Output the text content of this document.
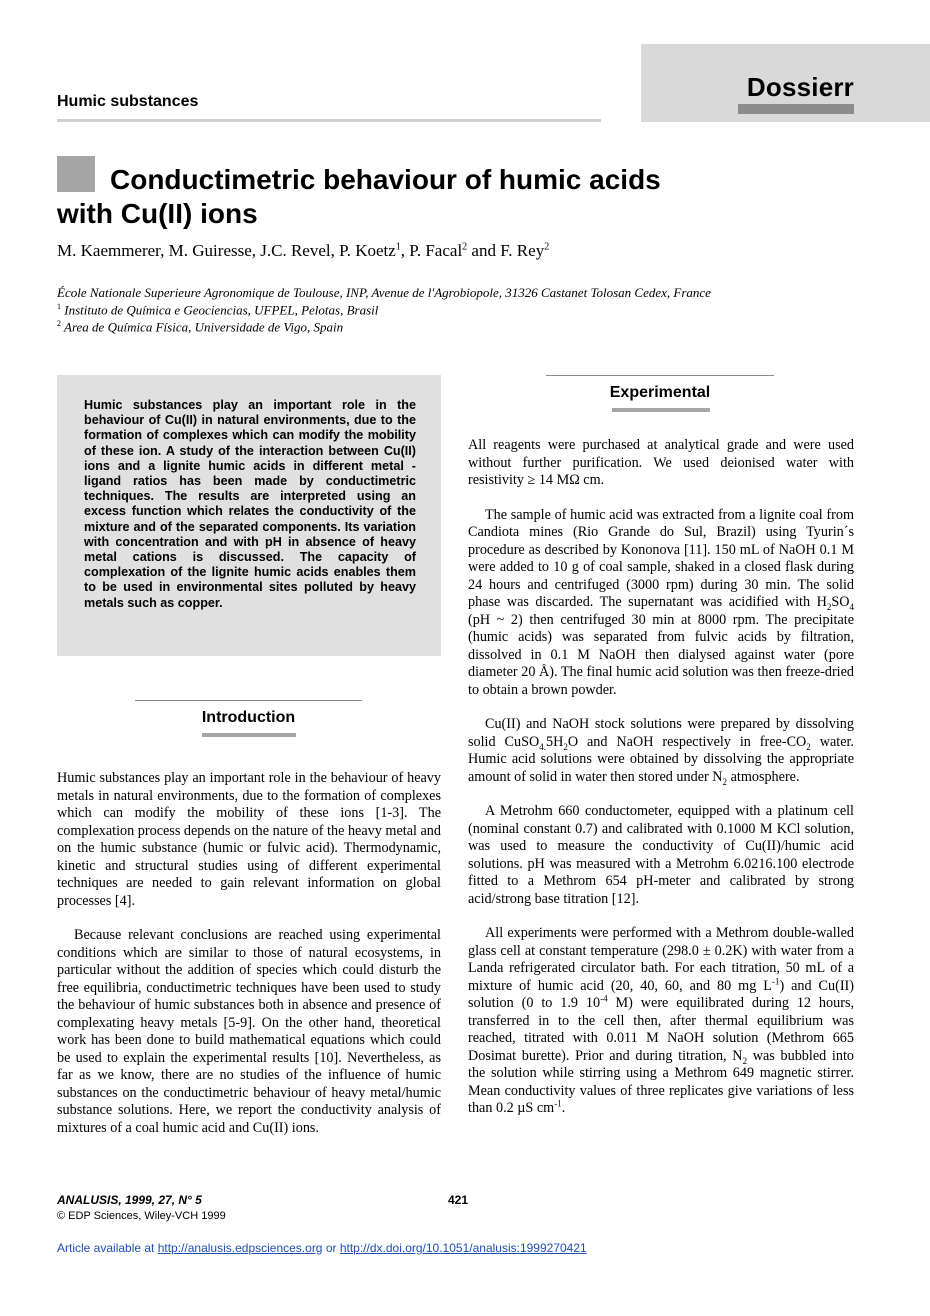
Dossierr
Humic substances
Conductimetric behaviour of humic acids
with Cu(II) ions
M. Kaemmerer, M. Guiresse, J.C. Revel, P. Koetz$^1$, P. Facal$^2$ and F. Rey$^2$
École Nationale Superieure Agronomique de Toulouse, INP, Avenue de l'Agrobiopole, 31326 Castanet Tolosan Cedex, France
$^1$ Instituto de Química e Geociencias, UFPEL, Pelotas, Brasil
$^2$ Area de Química Física, Universidade de Vigo, Spain
Humic substances play an important role in the behaviour of Cu(II) in natural environments, due to the formation of complexes which can modify the mobility of these ion. A study of the interaction between Cu(II) ions and a lignite humic acids in different metal - ligand ratios has been made by conductimetric techniques. The results are interpreted using an excess function which relates the conductivity of the mixture and of the separated components. Its variation with concentration and with pH in absence of heavy metal cations is discussed. The capacity of complexation of the lignite humic acids enables them to be used in environmental sites polluted by heavy metals such as copper.
Introduction

Humic substances play an important role in the behaviour of heavy metals in natural environments, due to the formation of complexes which can modify the mobility of these ions [1-3]. The complexation process depends on the nature of the heavy metal and on the humic substance (humic or fulvic acid). Thermodynamic, kinetic and structural studies using of different experimental techniques are needed to gain relevant information on global processes [4].

Because relevant conclusions are reached using experimental conditions which are similar to those of natural ecosystems, in particular without the addition of species which could disturb the free equilibria, conductimetric techniques have been used to study the behaviour of humic substances both in absence and presence of complexating heavy metals [5-9]. On the other hand, theoretical work has been done to build mathematical equations which could be used to explain the experimental results [10]. Nevertheless, as far as we know, there are no studies of the influence of humic substances on the conductimetric behaviour of heavy metal/humic substance solutions. Here, we report the conductivity analysis of mixtures of a coal humic acid and Cu(II) ions.

Experimental

All reagents were purchased at analytical grade and were used without further purification. We used deionised water with resistivity ≥ 14 MΩ cm.

The sample of humic acid was extracted from a lignite coal from Candiota mines (Rio Grande do Sul, Brazil) using Tyurin´s procedure as described by Kononova [11]. 150 mL of NaOH 0.1 M were added to 10 g of coal sample, shaked in a closed flask during 24 hours and centrifuged (3000 rpm) during 30 min. The solid phase was discarded. The supernatant was acidified with $H_2SO_4$ (pH ~ 2) then centrifuged 30 min at 8000 rpm. The precipitate (humic acids) was separated from fulvic acids by filtration, dissolved in 0.1 M NaOH then dialysed against water (pore diameter 20 Å). The final humic acid solution was then freeze-dried to obtain a brown powder.

Cu(II) and NaOH stock solutions were prepared by dissolving solid $CuSO_{4.}5H_2O$ and NaOH respectively in free-$CO_2$ water. Humic acid solutions were obtained by dissolving the appropriate amount of solid in water then stored under $N_2$ atmosphere.

A Metrohm 660 conductometer, equipped with a platinum cell (nominal constant 0.7) and calibrated with 0.1000 M KCl solution, was used to measure the conductivity of Cu(II)/humic acid solutions. pH was measured with a Metrohm 6.0216.100 electrode fitted to a Methrom 654 pH-meter and calibrated by strong acid/strong base titration [12].

All experiments were performed with a Methrom double-walled glass cell at constant temperature (298.0 ± 0.2K) with water from a Landa refrigerated circulator bath. For each titration, 50 mL of a mixture of humic acid (20, 40, 60, and 80 mg $L^{-1}$) and Cu(II) solution (0 to 1.9 $10^{-4}$ M) were equilibrated during 12 hours, transferred in to the cell then, after thermal equilibrium was reached, titrated with 0.011 M NaOH solution (Methrom 665 Dosimat burette). Prior and during titration, $N_2$ was bubbled into the solution while stirring using a Methrom 649 magnetic stirrer. Mean conductivity values of three replicates give variations of less than 0.2 µS $cm^{-1}$.

ANALUSIS, 1999, 27, N° 5	421
© EDP Sciences, Wiley-VCH 1999
Article available at http://analusis.edpsciences.org or http://dx.doi.org/10.1051/analusis:1999270421
